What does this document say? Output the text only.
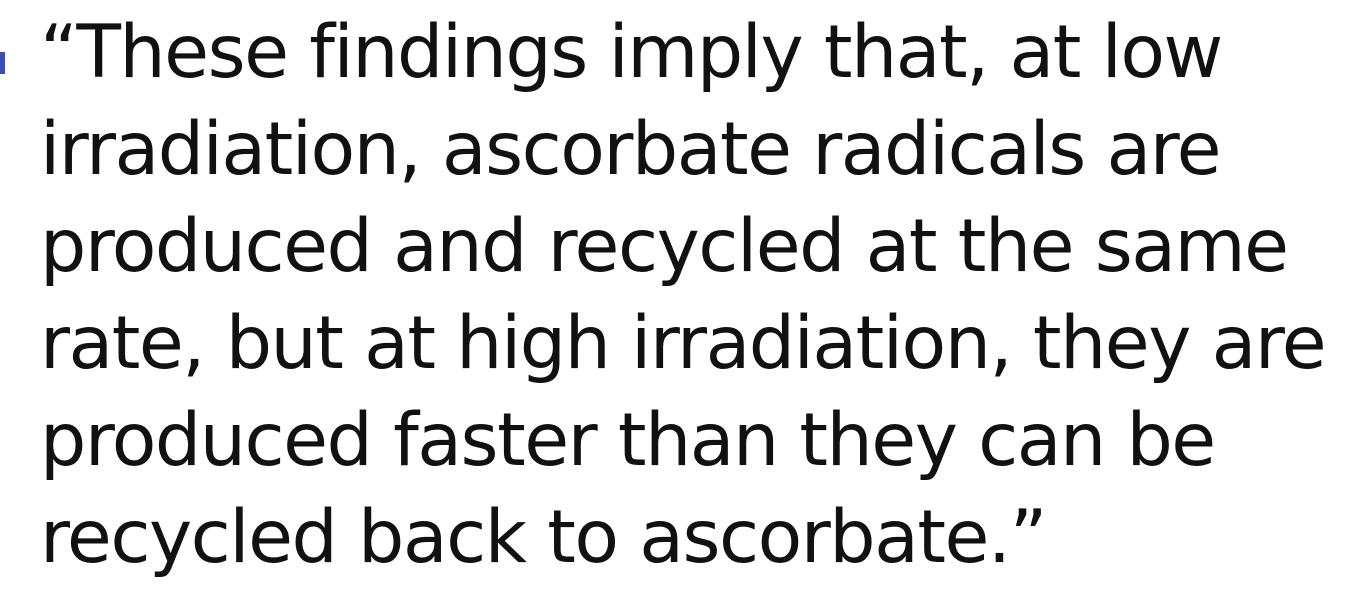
“These findings imply that, at low
irradiation, ascorbate radicals are
produced and recycled at the same
rate, but at high irradiation, they are
produced faster than they can be
recycled back to ascorbate.”
